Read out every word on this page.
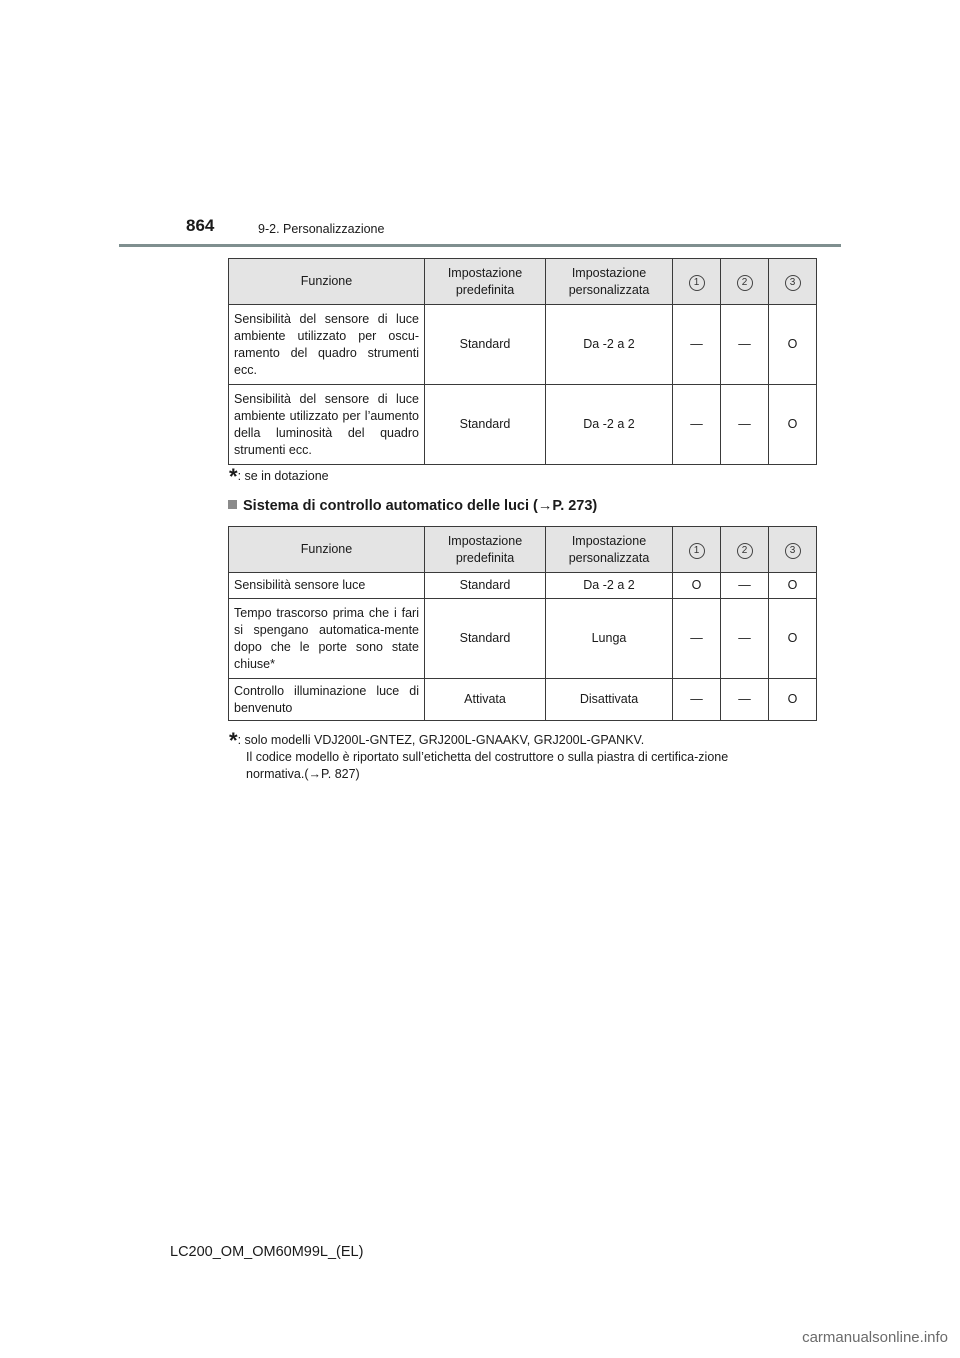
864	9-2. Personalizzazione
Funzione	Impostazione predefinita	Impostazione personalizzata	1	2	3
Sensibilità del sensore di luce ambiente utilizzato per oscu-ramento del quadro strumenti ecc.	Standard	Da -2 a 2	—	—	O
Sensibilità del sensore di luce ambiente utilizzato per l’aumento della luminosità del quadro strumenti ecc.	Standard	Da -2 a 2	—	—	O
*: se in dotazione
Sistema di controllo automatico delle luci (→P. 273)
Funzione	Impostazione predefinita	Impostazione personalizzata	1	2	3
Sensibilità sensore luce	Standard	Da -2 a 2	O	—	O
Tempo trascorso prima che i fari si spengano automatica-mente dopo che le porte sono state chiuse*	Standard	Lunga	—	—	O
Controllo illuminazione luce di benvenuto	Attivata	Disattivata	—	—	O
*: solo modelli VDJ200L-GNTEZ, GRJ200L-GNAAKV, GRJ200L-GPANKV.
Il codice modello è riportato sull’etichetta del costruttore o sulla piastra di certifica-zione normativa.(→P. 827)
LC200_OM_OM60M99L_(EL)
carmanualsonline.info
